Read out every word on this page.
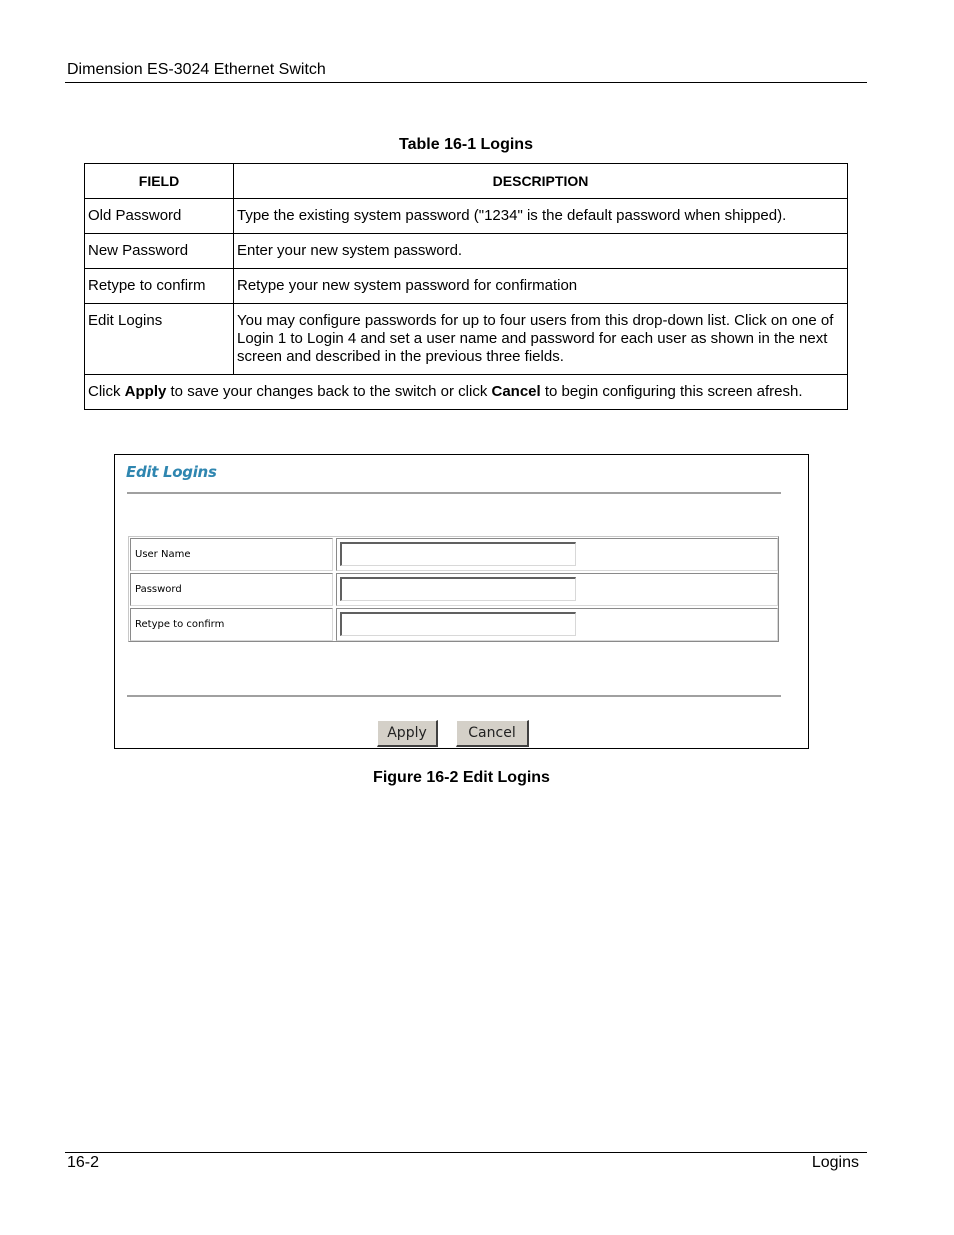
Dimension ES-3024 Ethernet Switch
Table 16-1 Logins
FIELD	DESCRIPTION
Old Password	Type the existing system password ("1234" is the default password when shipped).
New Password	Enter your new system password.
Retype to confirm	Retype your new system password for confirmation
Edit Logins	You may configure passwords for up to four users from this drop-down list. Click on one of Login 1 to Login 4 and set a user name and password for each user as shown in the next screen and described in the previous three fields.
Click Apply to save your changes back to the switch or click Cancel to begin configuring this screen afresh.	
Edit Logins
User Name
Password
Retype to confirm
Apply	Cancel
Figure 16-2 Edit Logins
16-2	Logins
